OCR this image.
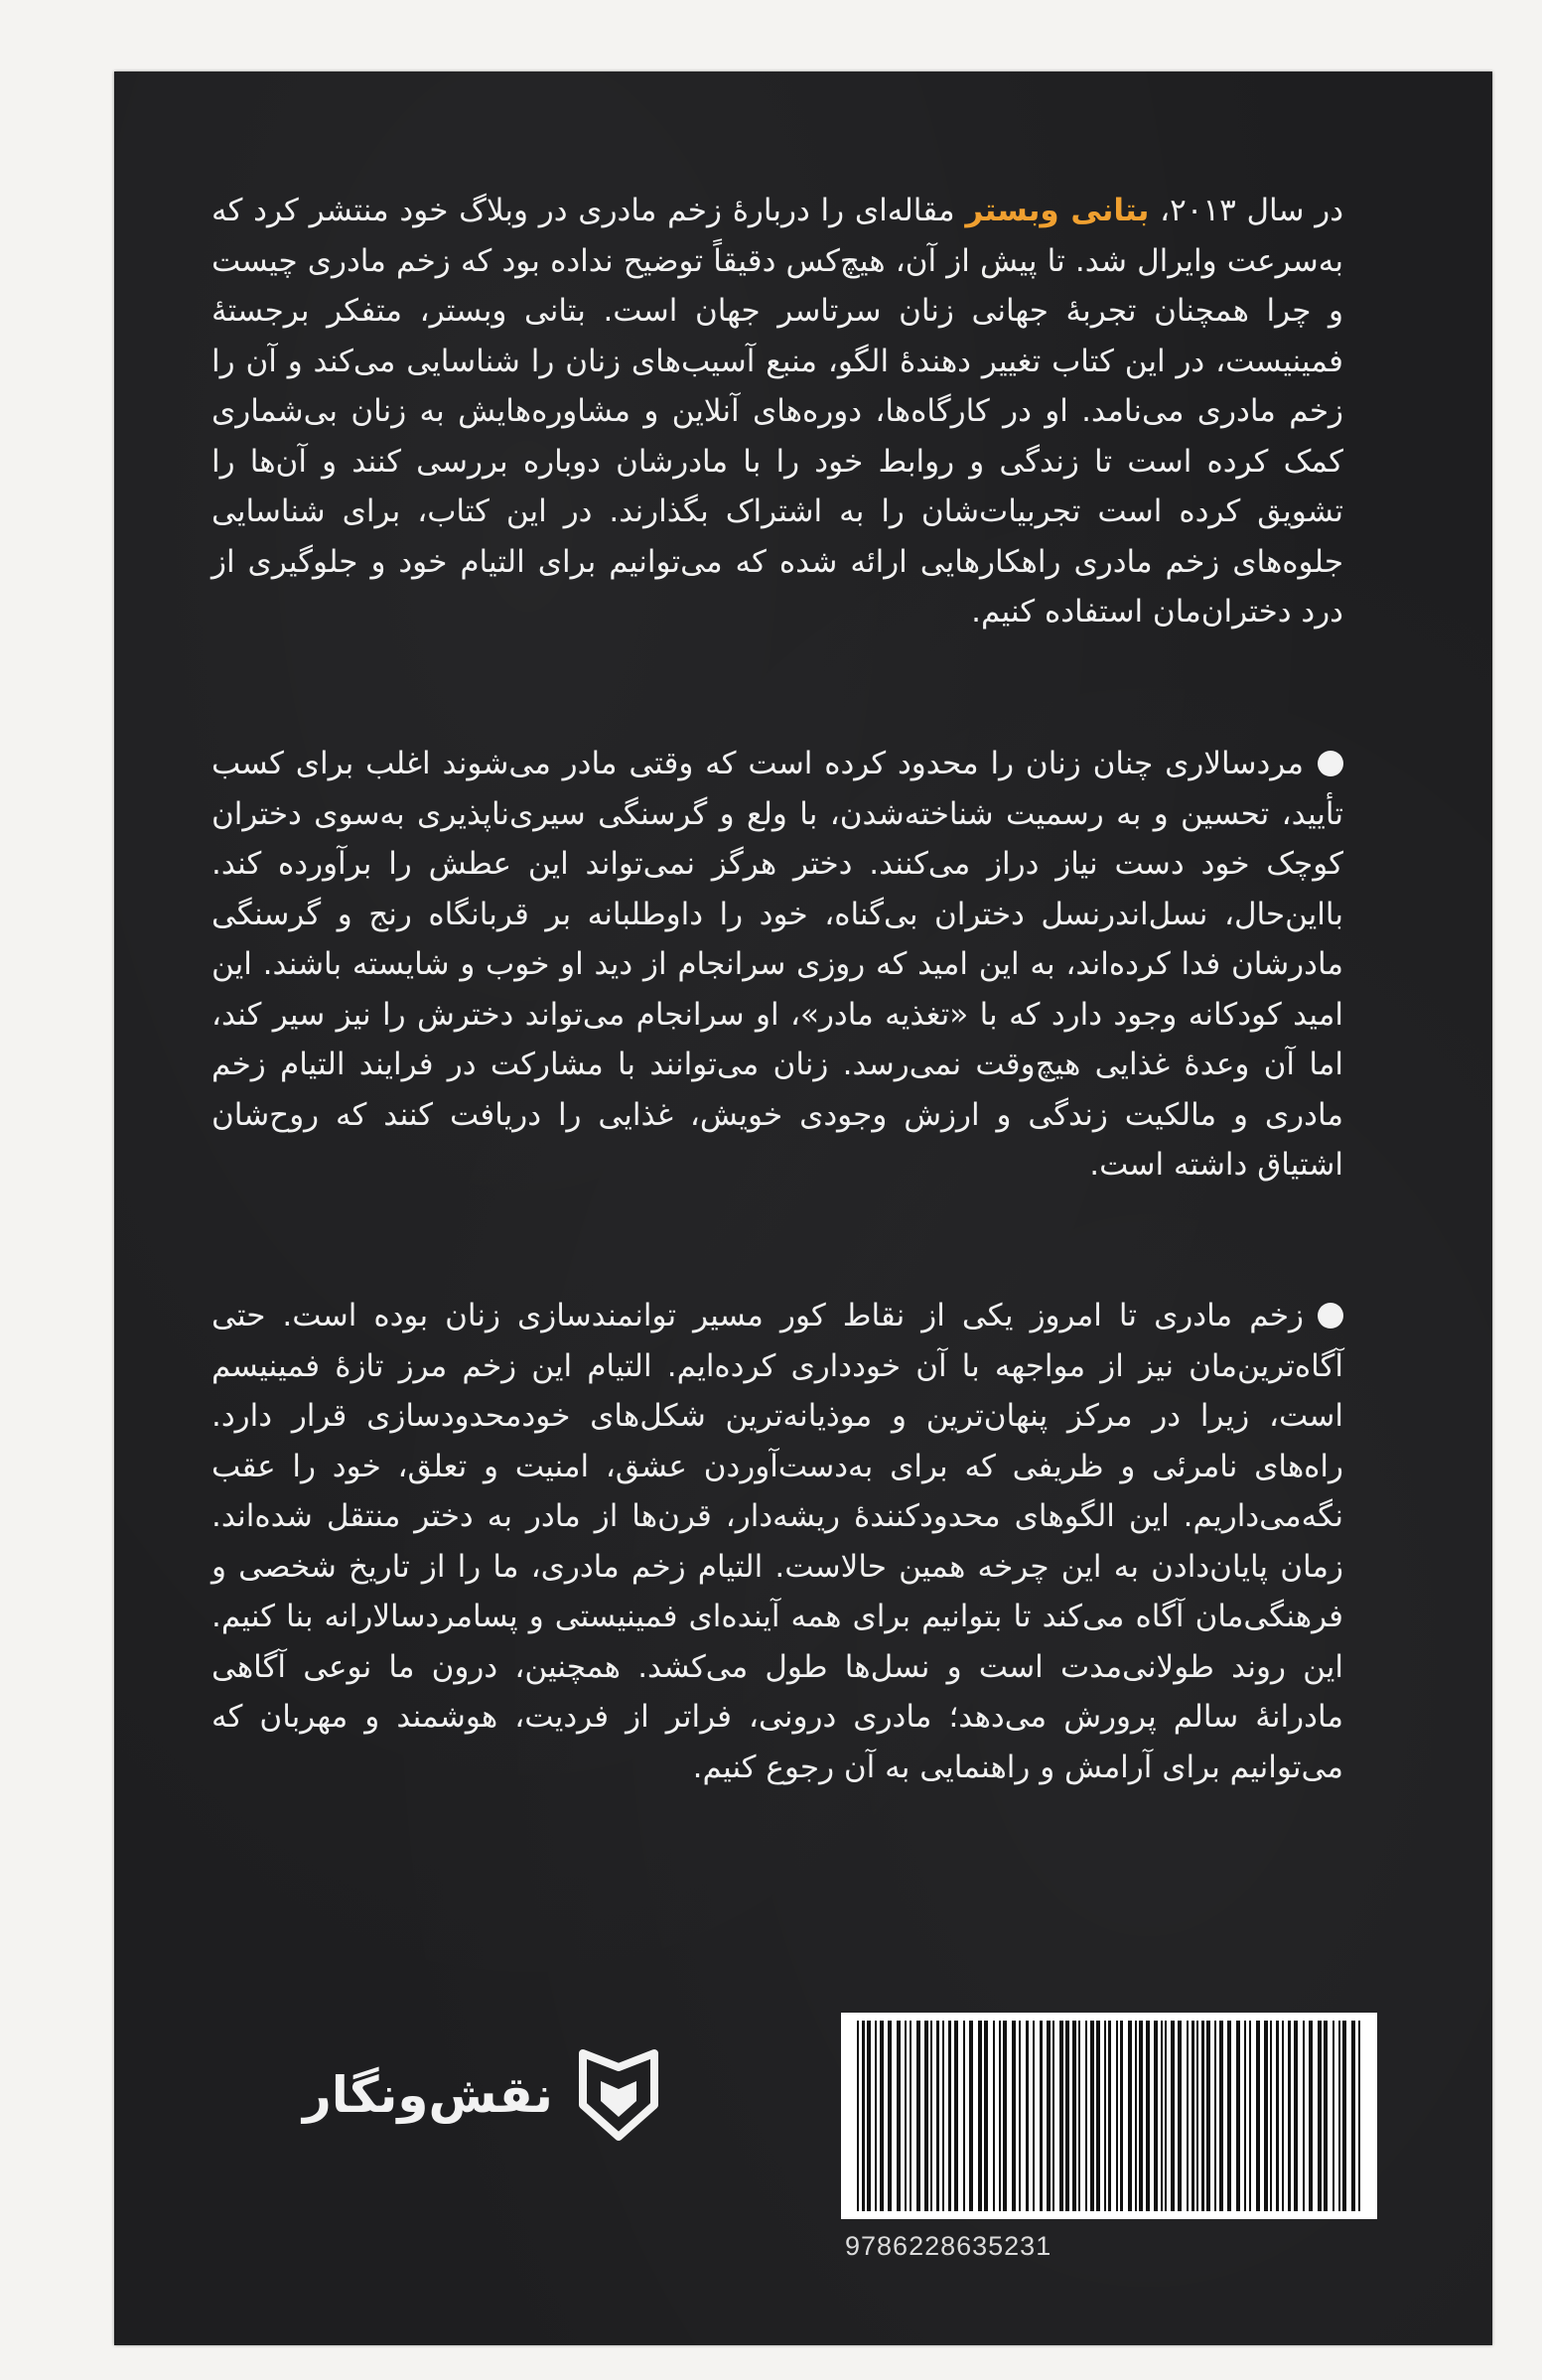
در سال ۲۰۱۳، بتانی وبستر مقاله‌ای را دربارهٔ زخم مادری در وبلاگ خود منتشر کرد که به‌سرعت وایرال شد. تا پیش از آن، هیچ‌کس دقیقاً توضیح نداده بود که زخم مادری چیست و چرا همچنان تجربهٔ جهانی زنان سرتاسر جهان است. بتانی وبستر، متفکر برجستهٔ فمینیست، در این کتاب تغییر دهندهٔ الگو، منبع آسیب‌های زنان را شناسایی می‌کند و آن را زخم مادری می‌نامد. او در کارگاه‌ها، دوره‌های آنلاین و مشاوره‌هایش به زنان بی‌شماری کمک کرده است تا زندگی و روابط خود را با مادرشان دوباره بررسی کنند و آن‌ها را تشویق کرده است تجربیات‌شان را به اشتراک بگذارند. در این کتاب، برای شناسایی جلوه‌های زخم مادری راهکارهایی ارائه شده که می‌توانیم برای التیام خود و جلوگیری از درد دختران‌مان استفاده کنیم.

مردسالاری چنان زنان را محدود کرده است که وقتی مادر می‌شوند اغلب برای کسب تأیید، تحسین و به رسمیت شناخته‌شدن، با ولع و گرسنگی سیری‌ناپذیری به‌سوی دختران کوچک خود دست نیاز دراز می‌کنند. دختر هرگز نمی‌تواند این عطش را برآورده کند. بااین‌حال، نسل‌اندرنسل دختران بی‌گناه، خود را داوطلبانه بر قربانگاه رنج و گرسنگی مادرشان فدا کرده‌اند، به این امید که روزی سرانجام از دید او خوب و شایسته باشند. این امید کودکانه وجود دارد که با «تغذیه مادر»، او سرانجام می‌تواند دخترش را نیز سیر کند، اما آن وعدهٔ غذایی هیچ‌وقت نمی‌رسد. زنان می‌توانند با مشارکت در فرایند التیام زخم مادری و مالکیت زندگی و ارزش وجودی خویش، غذایی را دریافت کنند که روح‌شان اشتیاق داشته است.

زخم مادری تا امروز یکی از نقاط کور مسیر توانمندسازی زنان بوده است. حتی آگاه‌ترین‌مان نیز از مواجهه با آن خودداری کرده‌ایم. التیام این زخم مرز تازهٔ فمینیسم است، زیرا در مرکز پنهان‌ترین و موذیانه‌ترین شکل‌های خودمحدودسازی قرار دارد. راه‌های نامرئی و ظریفی که برای به‌دست‌آوردن عشق، امنیت و تعلق، خود را عقب نگه‌می‌داریم. این الگوهای محدودکنندهٔ ریشه‌دار، قرن‌ها از مادر به دختر منتقل شده‌اند. زمان پایان‌دادن به این چرخه همین حالاست. التیام زخم مادری، ما را از تاریخ شخصی و فرهنگی‌مان آگاه می‌کند تا بتوانیم برای همه آینده‌ای فمینیستی و پسامردسالارانه بنا کنیم. این روند طولانی‌مدت است و نسل‌ها طول می‌کشد. همچنین، درون ما نوعی آگاهی مادرانهٔ سالم پرورش می‌دهد؛ مادری درونی، فراتر از فردیت، هوشمند و مهربان که می‌توانیم برای آرامش و راهنمایی به آن رجوع کنیم.

نقش‌ونگار
9786228635231
